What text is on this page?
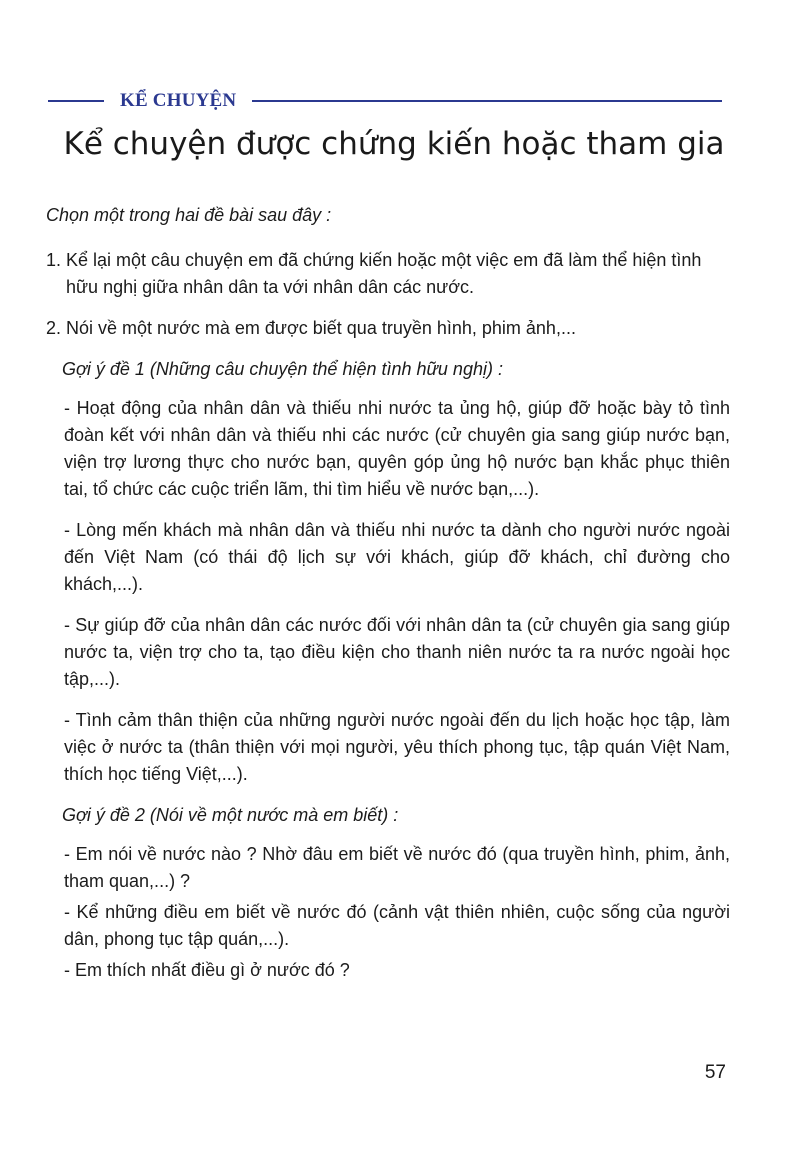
KỂ CHUYỆN
Kể chuyện được chứng kiến hoặc tham gia

Chọn một trong hai đề bài sau đây :

1. Kể lại một câu chuyện em đã chứng kiến hoặc một việc em đã làm thể hiện tình hữu nghị giữa nhân dân ta với nhân dân các nước.
2. Nói về một nước mà em được biết qua truyền hình, phim ảnh,...

Gợi ý đề 1 (Những câu chuyện thể hiện tình hữu nghị) :

- Hoạt động của nhân dân và thiếu nhi nước ta ủng hộ, giúp đỡ hoặc bày tỏ tình đoàn kết với nhân dân và thiếu nhi các nước (cử chuyên gia sang giúp nước bạn, viện trợ lương thực cho nước bạn, quyên góp ủng hộ nước bạn khắc phục thiên tai, tổ chức các cuộc triển lãm, thi tìm hiểu về nước bạn,...).

- Lòng mến khách mà nhân dân và thiếu nhi nước ta dành cho người nước ngoài đến Việt Nam (có thái độ lịch sự với khách, giúp đỡ khách, chỉ đường cho khách,...).

- Sự giúp đỡ của nhân dân các nước đối với nhân dân ta (cử chuyên gia sang giúp nước ta, viện trợ cho ta, tạo điều kiện cho thanh niên nước ta ra nước ngoài học tập,...).

- Tình cảm thân thiện của những người nước ngoài đến du lịch hoặc học tập, làm việc ở nước ta (thân thiện với mọi người, yêu thích phong tục, tập quán Việt Nam, thích học tiếng Việt,...).

Gợi ý đề 2 (Nói về một nước mà em biết) :

- Em nói về nước nào ? Nhờ đâu em biết về nước đó (qua truyền hình, phim, ảnh, tham quan,...) ?

- Kể những điều em biết về nước đó (cảnh vật thiên nhiên, cuộc sống của người dân, phong tục tập quán,...).

- Em thích nhất điều gì ở nước đó ?

57
